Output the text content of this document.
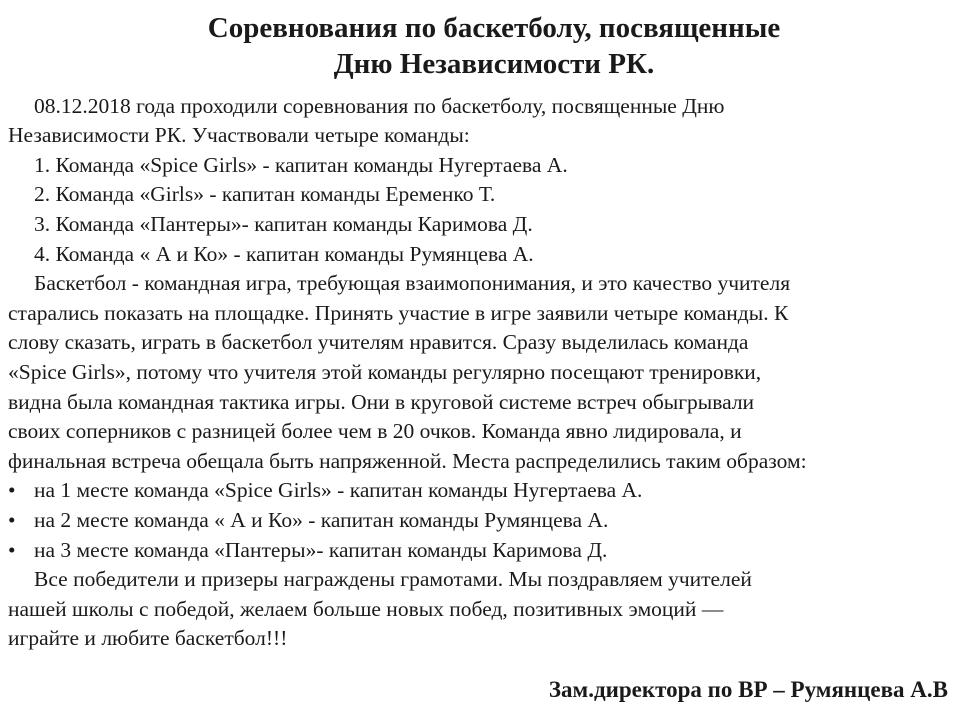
Соревнования по баскетболу, посвященные
Дню Независимости РК.

08.12.2018 года проходили соревнования по баскетболу, посвященные Дню

Независимости РК. Участвовали четыре команды:

1. Команда «Spice Girls» - капитан команды Нугертаева А.

2. Команда «Girls» - капитан команды Еременко Т.

3. Команда «Пантеры»- капитан команды Каримова Д.

4. Команда « А и Ко» - капитан команды Румянцева А.

Баскетбол - командная игра, требующая взаимопонимания, и это качество учителя

старались показать на площадке. Принять участие в игре заявили четыре команды. К

слову сказать, играть в баскетбол учителям нравится. Сразу выделилась команда

«Spice Girls», потому что учителя этой команды регулярно посещают тренировки,

видна была командная тактика игры. Они в круговой системе встреч обыгрывали

своих соперников с разницей более чем в 20 очков. Команда явно лидировала, и

финальная встреча обещала быть напряженной. Места распределились таким образом:

• на 1 месте команда «Spice Girls» - капитан команды Нугертаева А.
• на 2 месте команда « А и Ко» - капитан команды Румянцева А.
• на 3 месте команда «Пантеры»- капитан команды Каримова Д.

Все победители и призеры награждены грамотами. Мы поздравляем учителей

нашей школы с победой, желаем больше новых побед, позитивных эмоций —

играйте и любите баскетбол!!!

Зам.директора по ВР – Румянцева А.В
